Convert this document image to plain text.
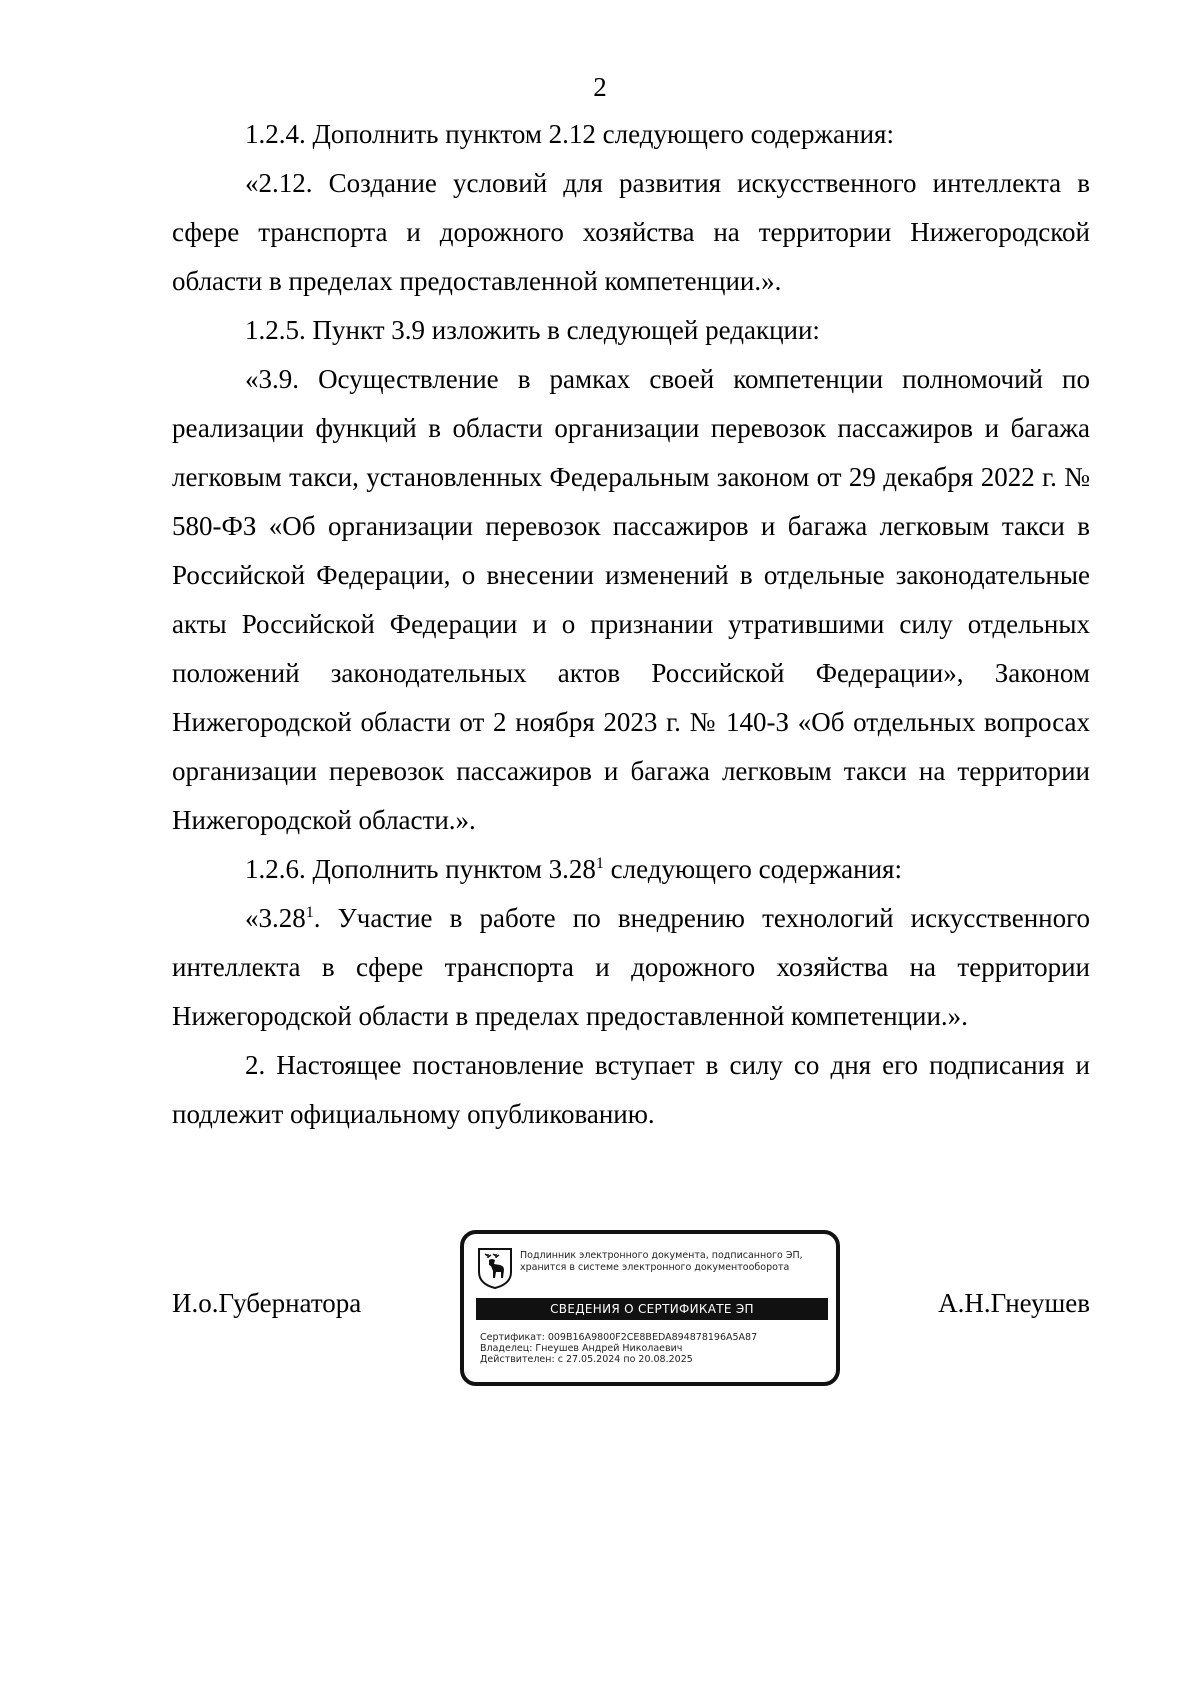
2

1.2.4. Дополнить пунктом 2.12 следующего содержания:

«2.12. Создание условий для развития искусственного интеллекта в сфере транспорта и дорожного хозяйства на территории Нижегородской области в пределах предоставленной компетенции.».

1.2.5. Пункт 3.9 изложить в следующей редакции:

«3.9. Осуществление в рамках своей компетенции полномочий по реализации функций в области организации перевозок пассажиров и багажа легковым такси, установленных Федеральным законом от 29 декабря 2022 г. № 580-ФЗ «Об организации перевозок пассажиров и багажа легковым такси в Российской Федерации, о внесении изменений в отдельные законодательные акты Российской Федерации и о признании утратившими силу отдельных положений законодательных актов Российской Федерации», Законом Нижегородской области от 2 ноября 2023 г. № 140-З «Об отдельных вопросах организации перевозок пассажиров и багажа легковым такси на территории Нижегородской области.».

1.2.6. Дополнить пунктом 3.28$^1$ следующего содержания:

«3.28$^1$. Участие в работе по внедрению технологий искусственного интеллекта в сфере транспорта и дорожного хозяйства на территории Нижегородской области в пределах предоставленной компетенции.».

2. Настоящее постановление вступает в силу со дня его подписания и подлежит официальному опубликованию.

И.о.Губернатора
Подлинник электронного документа, подписанного ЭП,
хранится в системе электронного документооборота
СВЕДЕНИЯ О СЕРТИФИКАТЕ ЭП
Сертификат: 009B16A9800F2CE8BEDA894878196A5A87
Владелец: Гнеушев Андрей Николаевич
Действителен: с 27.05.2024 по 20.08.2025
А.Н.Гнеушев
